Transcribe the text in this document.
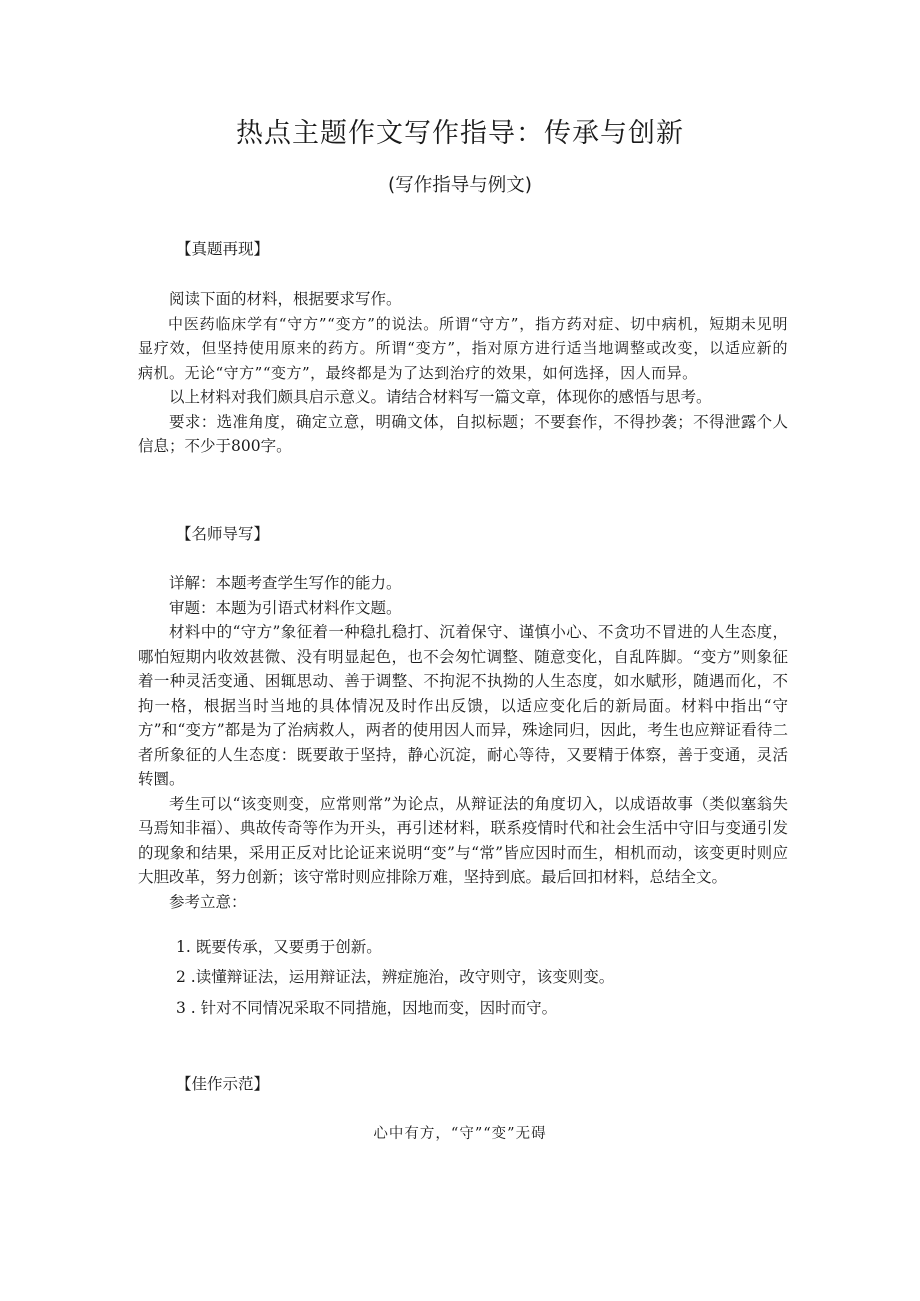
热点主题作文写作指导：传承与创新
(写作指导与例文)
【真题再现】

阅读下面的材料，根据要求写作。

中医药临床学有“守方”“变方”的说法。所谓“守方”，指方药对症、切中病机，短期未见明显疗效，但坚持使用原来的药方。所谓“变方”，指对原方进行适当地调整或改变，以适应新的病机。无论“守方”“变方”，最终都是为了达到治疗的效果，如何选择，因人而异。

以上材料对我们颇具启示意义。请结合材料写一篇文章，体现你的感悟与思考。

要求：选准角度，确定立意，明确文体，自拟标题；不要套作，不得抄袭；不得泄露个人信息；不少于800字。

【名师导写】

详解：本题考查学生写作的能力。

审题：本题为引语式材料作文题。

材料中的“守方”象征着一种稳扎稳打、沉着保守、谨慎小心、不贪功不冒进的人生态度，哪怕短期内收效甚微、没有明显起色，也不会匆忙调整、随意变化，自乱阵脚。“变方”则象征着一种灵活变通、困辄思动、善于调整、不拘泥不执拗的人生态度，如水赋形，随遇而化，不拘一格，根据当时当地的具体情况及时作出反馈，以适应变化后的新局面。材料中指出“守方”和“变方”都是为了治病救人，两者的使用因人而异，殊途同归，因此，考生也应辩证看待二者所象征的人生态度：既要敢于坚持，静心沉淀，耐心等待，又要精于体察，善于变通，灵活转圜。

考生可以“该变则变，应常则常”为论点，从辩证法的角度切入，以成语故事（类似塞翁失马焉知非福）、典故传奇等作为开头，再引述材料，联系疫情时代和社会生活中守旧与变通引发的现象和结果，采用正反对比论证来说明“变”与“常”皆应因时而生，相机而动，该变更时则应大胆改革，努力创新；该守常时则应排除万难，坚持到底。最后回扣材料，总结全文。

参考立意：

1. 既要传承，又要勇于创新。
2 .读懂辩证法，运用辩证法，辨症施治，改守则守，该变则变。
3 . 针对不同情况采取不同措施，因地而变，因时而守。
【佳作示范】
心中有方，“守”“变”无碍
